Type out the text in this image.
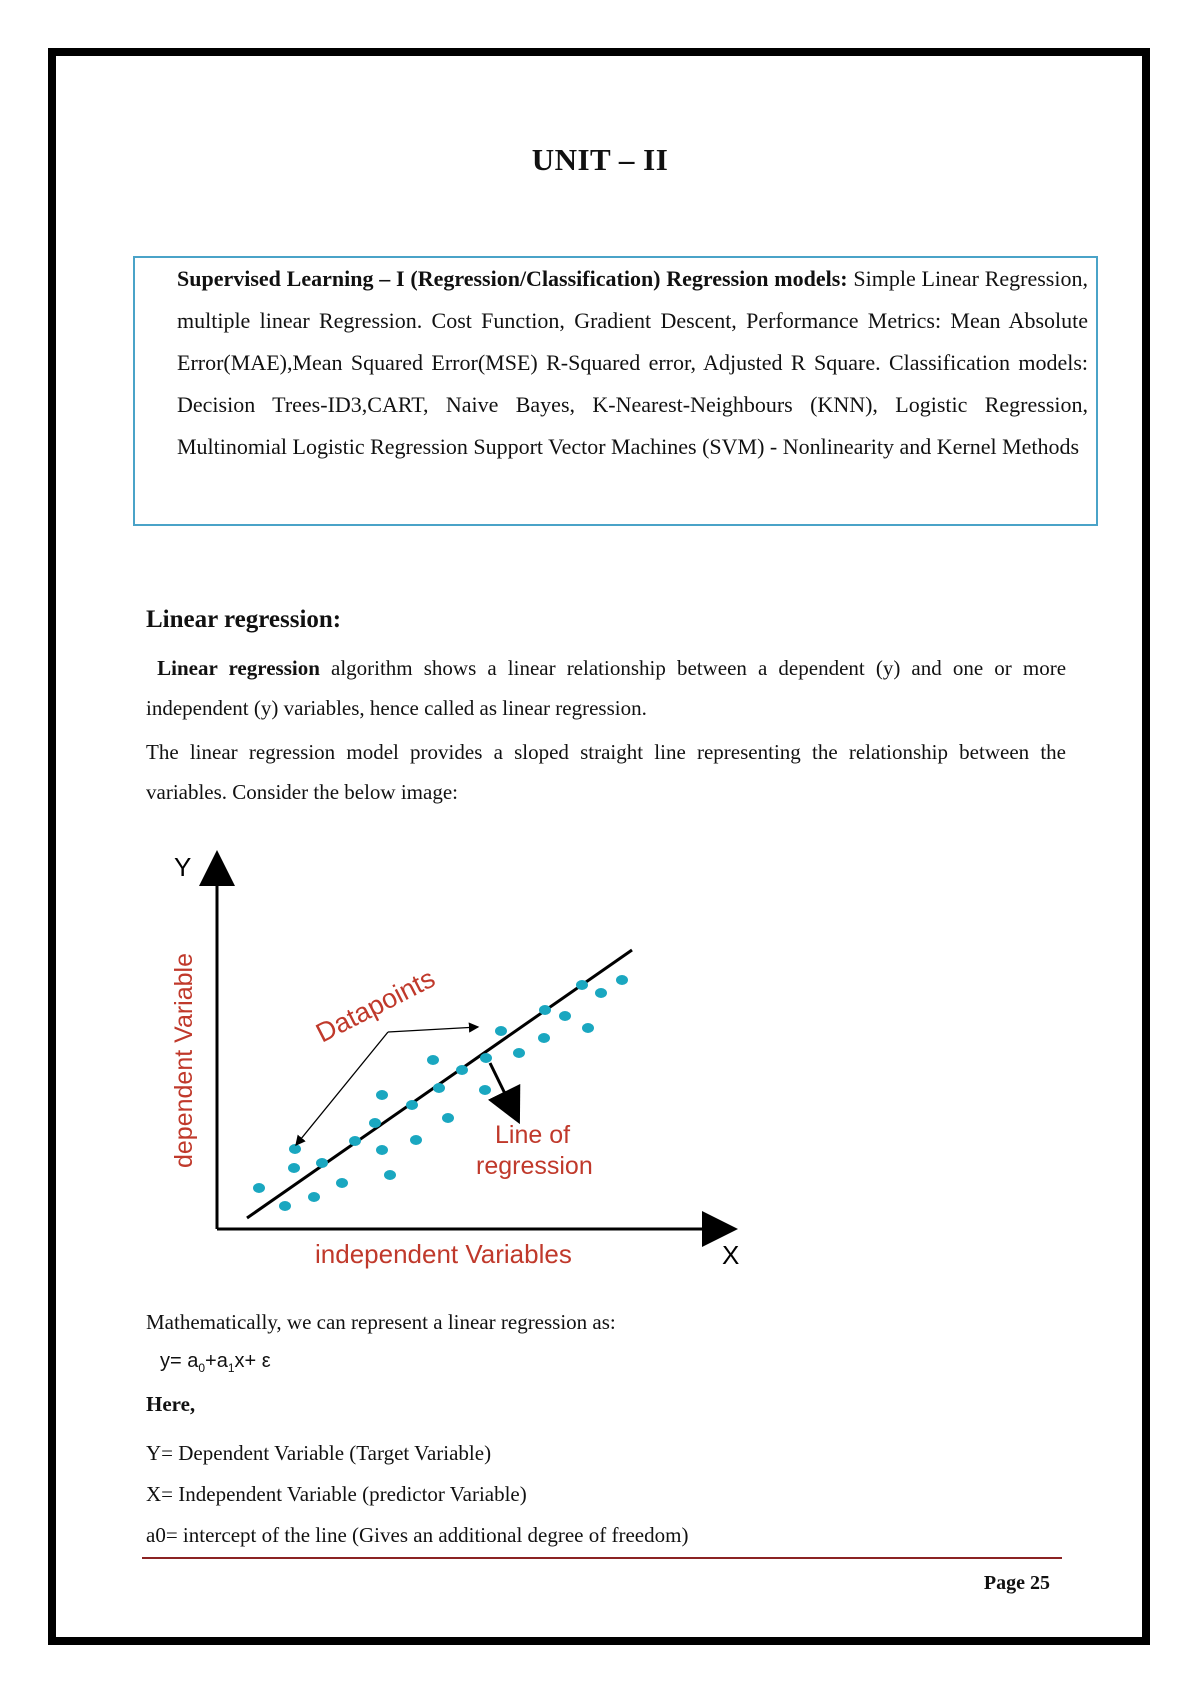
UNIT – II
Supervised Learning – I (Regression/Classification) Regression models: Simple Linear Regression, multiple linear Regression. Cost Function, Gradient Descent, Performance Metrics: Mean Absolute Error(MAE),Mean Squared Error(MSE) R-Squared error, Adjusted R Square. Classification models: Decision Trees-ID3,CART, Naive Bayes, K-Nearest-Neighbours (KNN), Logistic Regression, Multinomial Logistic Regression Support Vector Machines (SVM) - Nonlinearity and Kernel Methods
Linear regression:
Linear regression algorithm shows a linear relationship between a dependent (y) and one or more independent (y) variables, hence called as linear regression.
The linear regression model provides a sloped straight line representing the relationship between the variables. Consider the below image:
Y
X
dependent Variable
independent Variables
Datapoints
Line of
regression
Mathematically, we can represent a linear regression as:
$y= a_0+a_1x+ \varepsilon$
Here,
Y= Dependent Variable (Target Variable)
X= Independent Variable (predictor Variable)
a0= intercept of the line (Gives an additional degree of freedom)
Page 25
